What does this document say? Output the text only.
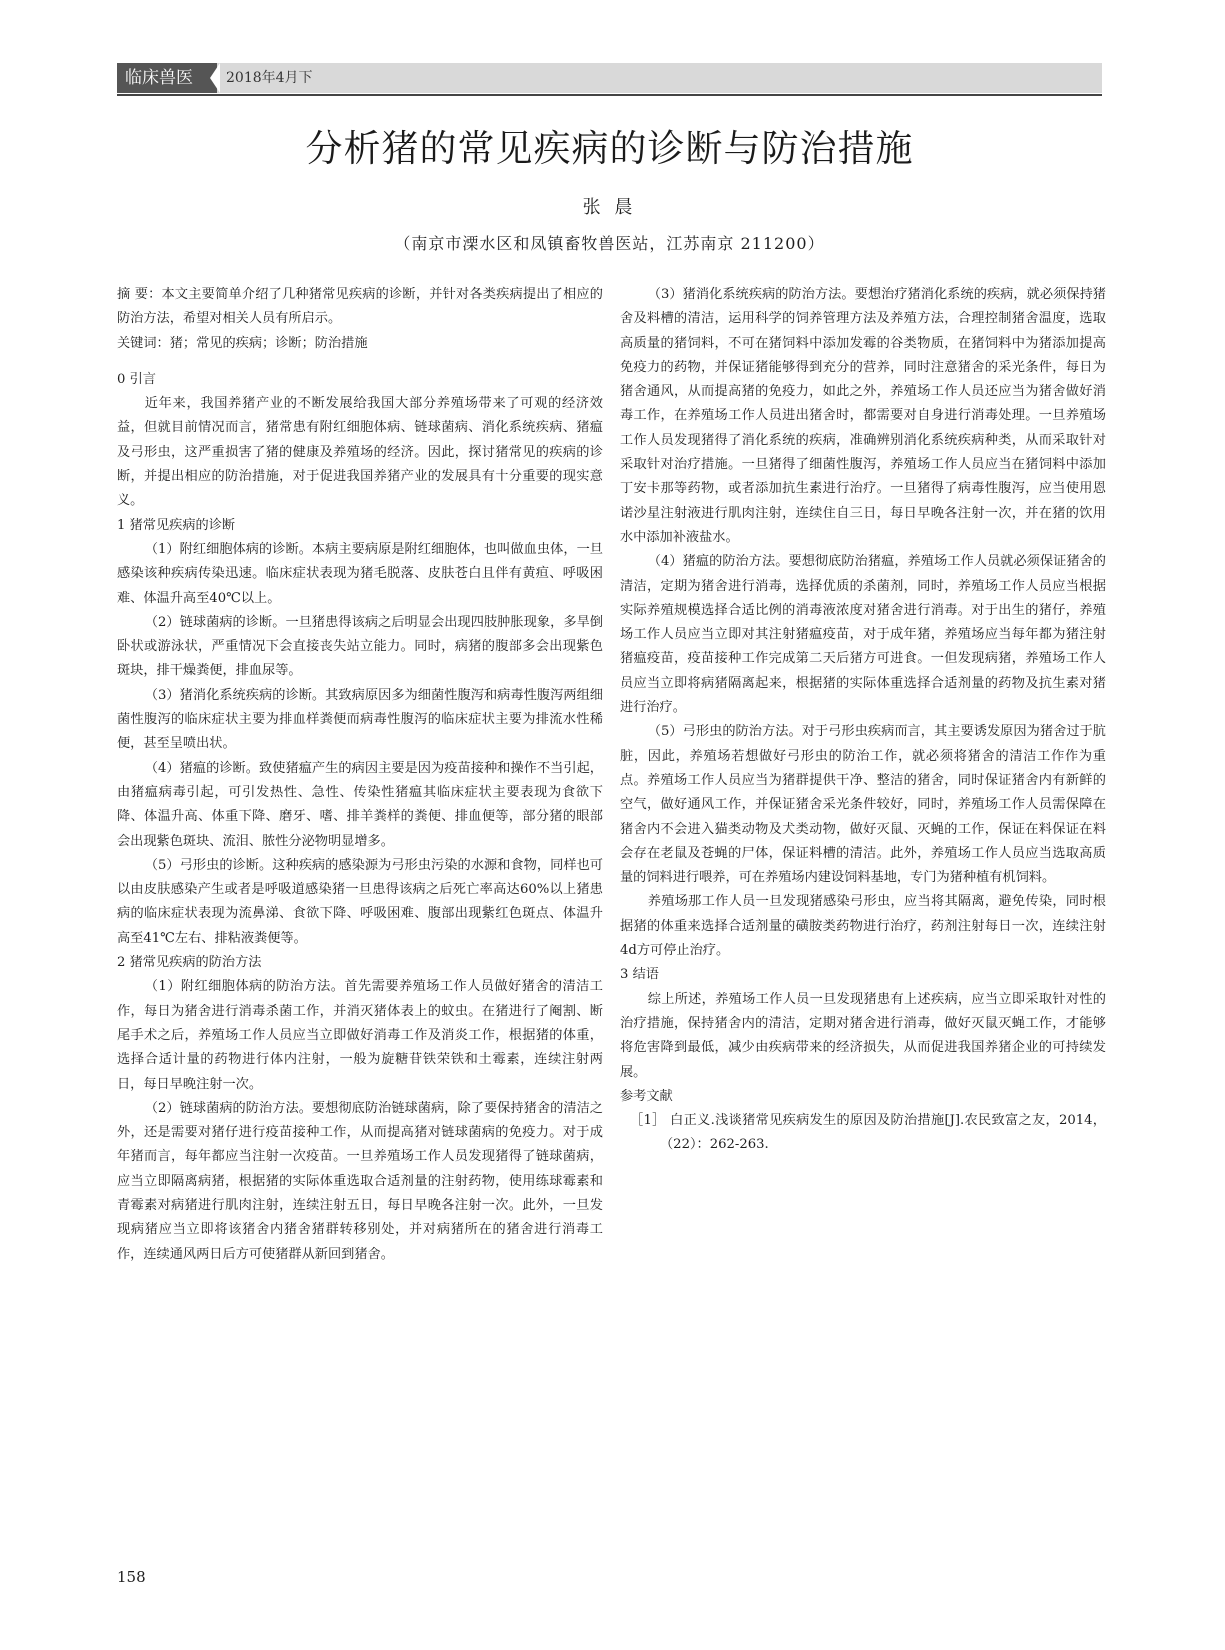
临床兽医	2018年4月下
分析猪的常见疾病的诊断与防治措施
张 晨
（南京市溧水区和凤镇畜牧兽医站，江苏南京 211200）

摘 要：本文主要简单介绍了几种猪常见疾病的诊断，并针对各类疾病提出了相应的防治方法，希望对相关人员有所启示。

关键词：猪；常见的疾病；诊断；防治措施

0 引言

近年来，我国养猪产业的不断发展给我国大部分养殖场带来了可观的经济效益，但就目前情况而言，猪常患有附红细胞体病、链球菌病、消化系统疾病、猪瘟及弓形虫，这严重损害了猪的健康及养殖场的经济。因此，探讨猪常见的疾病的诊断，并提出相应的防治措施，对于促进我国养猪产业的发展具有十分重要的现实意义。

1 猪常见疾病的诊断

（1）附红细胞体病的诊断。本病主要病原是附红细胞体，也叫做血虫体，一旦感染该种疾病传染迅速。临床症状表现为猪毛脱落、皮肤苍白且伴有黄疸、呼吸困难、体温升高至40℃以上。

（2）链球菌病的诊断。一旦猪患得该病之后明显会出现四肢肿胀现象，多旱倒卧状或游泳状，严重情况下会直接丧失站立能力。同时，病猪的腹部多会出现紫色斑块，排干燥粪便，排血尿等。

（3）猪消化系统疾病的诊断。其致病原因多为细菌性腹泻和病毒性腹泻两组细菌性腹泻的临床症状主要为排血样粪便而病毒性腹泻的临床症状主要为排流水性稀便，甚至呈喷出状。

（4）猪瘟的诊断。致使猪瘟产生的病因主要是因为疫苗接种和操作不当引起，由猪瘟病毒引起，可引发热性、急性、传染性猪瘟其临床症状主要表现为食欲下降、体温升高、体重下降、磨牙、嗜、排羊粪样的粪便、排血便等，部分猪的眼部会出现紫色斑块、流泪、脓性分泌物明显增多。

（5）弓形虫的诊断。这种疾病的感染源为弓形虫污染的水源和食物，同样也可以由皮肤感染产生或者是呼吸道感染猪一旦患得该病之后死亡率高达60%以上猪患病的临床症状表现为流鼻涕、食欲下降、呼吸困难、腹部出现紫红色斑点、体温升高至41℃左右、排粘液粪便等。

2 猪常见疾病的防治方法

（1）附红细胞体病的防治方法。首先需要养殖场工作人员做好猪舍的清洁工作，每日为猪舍进行消毒杀菌工作，并消灭猪体表上的蚊虫。在猪进行了阉割、断尾手术之后，养殖场工作人员应当立即做好消毒工作及消炎工作，根据猪的体重，选择合适计量的药物进行体内注射，一般为旋糖苷铁荣铁和土霉素，连续注射两日，每日早晚注射一次。

（2）链球菌病的防治方法。要想彻底防治链球菌病，除了要保持猪舍的清洁之外，还是需要对猪仔进行疫苗接种工作，从而提高猪对链球菌病的免疫力。对于成年猪而言，每年都应当注射一次疫苗。一旦养殖场工作人员发现猪得了链球菌病，应当立即隔离病猪，根据猪的实际体重选取合适剂量的注射药物，使用练球霉素和青霉素对病猪进行肌肉注射，连续注射五日，每日早晚各注射一次。此外，一旦发现病猪应当立即将该猪舍内猪舍猪群转移别处，并对病猪所在的猪舍进行消毒工作，连续通风两日后方可使猪群从新回到猪舍。

（3）猪消化系统疾病的防治方法。要想治疗猪消化系统的疾病，就必须保持猪舍及料槽的清洁，运用科学的饲养管理方法及养殖方法，合理控制猪舍温度，选取高质量的猪饲料，不可在猪饲料中添加发霉的谷类物质，在猪饲料中为猪添加提高免疫力的药物，并保证猪能够得到充分的营养，同时注意猪舍的采光条件，每日为猪舍通风，从而提高猪的免疫力，如此之外，养殖场工作人员还应当为猪舍做好消毒工作，在养殖场工作人员进出猪舍时，都需要对自身进行消毒处理。一旦养殖场工作人员发现猪得了消化系统的疾病，准确辨别消化系统疾病种类，从而采取针对采取针对治疗措施。一旦猪得了细菌性腹泻，养殖场工作人员应当在猪饲料中添加丁安卡那等药物，或者添加抗生素进行治疗。一旦猪得了病毒性腹泻，应当使用恩诺沙星注射液进行肌肉注射，连续住自三日，每日早晚各注射一次，并在猪的饮用水中添加补液盐水。

（4）猪瘟的防治方法。要想彻底防治猪瘟，养殖场工作人员就必须保证猪舍的清洁，定期为猪舍进行消毒，选择优质的杀菌剂，同时，养殖场工作人员应当根据实际养殖规模选择合适比例的消毒液浓度对猪舍进行消毒。对于出生的猪仔，养殖场工作人员应当立即对其注射猪瘟疫苗，对于成年猪，养殖场应当每年都为猪注射猪瘟疫苗，疫苗接种工作完成第二天后猪方可进食。一但发现病猪，养殖场工作人员应当立即将病猪隔离起来，根据猪的实际体重选择合适剂量的药物及抗生素对猪进行治疗。

（5）弓形虫的防治方法。对于弓形虫疾病而言，其主要诱发原因为猪舍过于肮脏，因此，养殖场若想做好弓形虫的防治工作，就必须将猪舍的清洁工作作为重点。养殖场工作人员应当为猪群提供干净、整洁的猪舍，同时保证猪舍内有新鲜的空气，做好通风工作，并保证猪舍采光条件较好，同时，养殖场工作人员需保障在猪舍内不会进入猫类动物及犬类动物，做好灭鼠、灭蝇的工作，保证在料保证在料会存在老鼠及苍蝇的尸体，保证料槽的清洁。此外，养殖场工作人员应当选取高质量的饲料进行喂养，可在养殖场内建设饲料基地，专门为猪种植有机饲料。

养殖场那工作人员一旦发现猪感染弓形虫，应当将其隔离，避免传染，同时根据猪的体重来选择合适剂量的磺胺类药物进行治疗，药剂注射每日一次，连续注射4d方可停止治疗。

3 结语

综上所述，养殖场工作人员一旦发现猪患有上述疾病，应当立即采取针对性的治疗措施，保持猪舍内的清洁，定期对猪舍进行消毒，做好灭鼠灭蝇工作，才能够将危害降到最低，减少由疾病带来的经济损失，从而促进我国养猪企业的可持续发展。

参考文献

［1］ 白正义.浅谈猪常见疾病发生的原因及防治措施[J].农民致富之友，2014，（22）：262-263.

158
